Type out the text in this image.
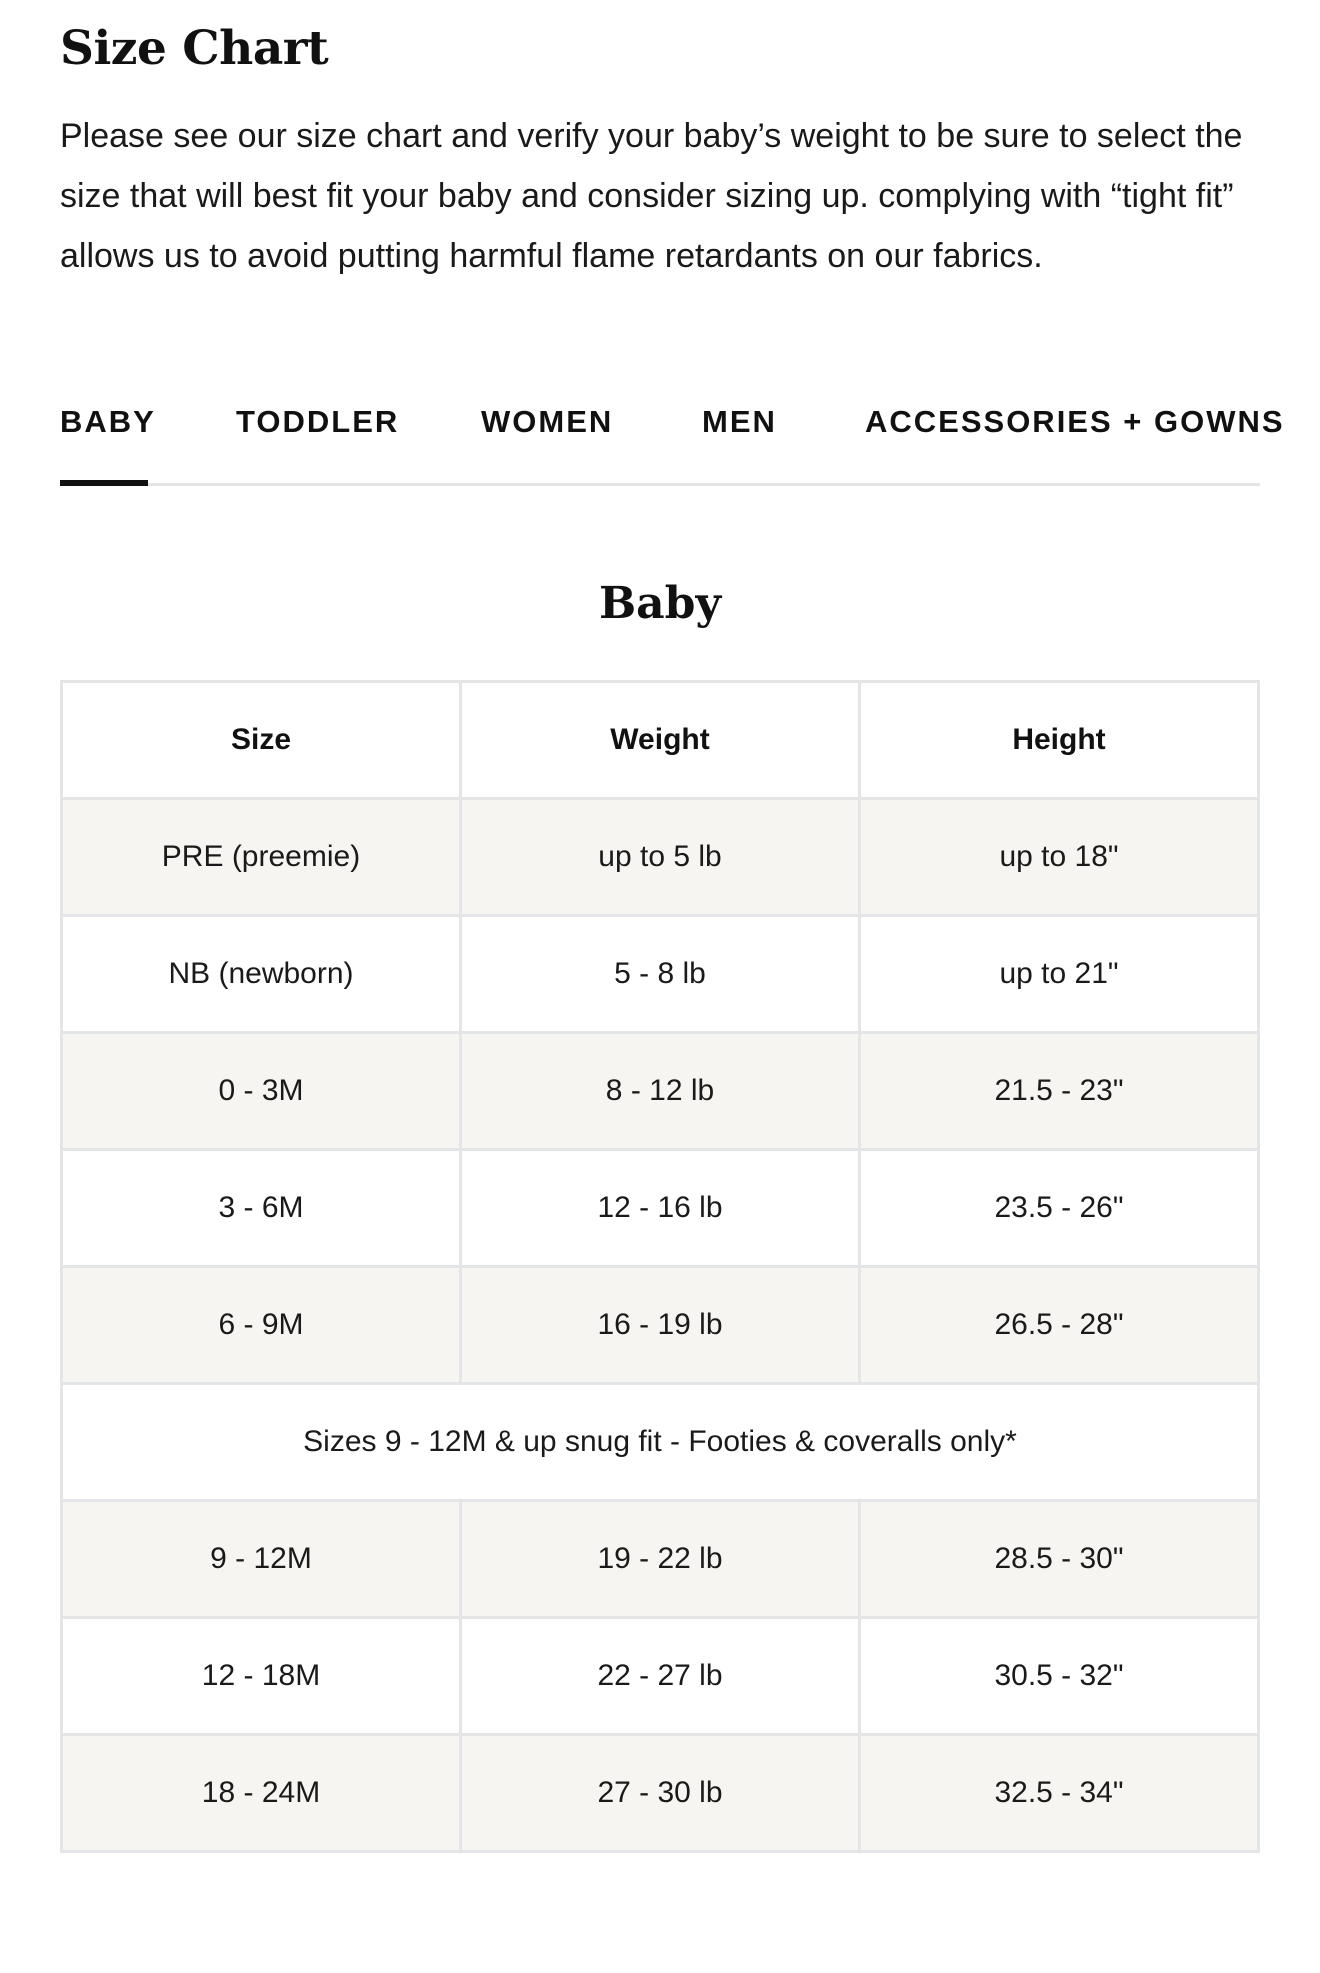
Size Chart

Please see our size chart and verify your baby’s weight to be sure to select the size that will best fit your baby and consider sizing up. complying with “tight fit” allows us to avoid putting harmful flame retardants on our fabrics.

BABY	TODDLER	WOMEN	MEN	ACCESSORIES + GOWNS
Baby
Size	Weight	Height
PRE (preemie)	up to 5 lb	up to 18"
NB (newborn)	5 - 8 lb	up to 21"
0 - 3M	8 - 12 lb	21.5 - 23"
3 - 6M	12 - 16 lb	23.5 - 26"
6 - 9M	16 - 19 lb	26.5 - 28"
Sizes 9 - 12M & up snug fit - Footies & coveralls only*		
9 - 12M	19 - 22 lb	28.5 - 30"
12 - 18M	22 - 27 lb	30.5 - 32"
18 - 24M	27 - 30 lb	32.5 - 34"
